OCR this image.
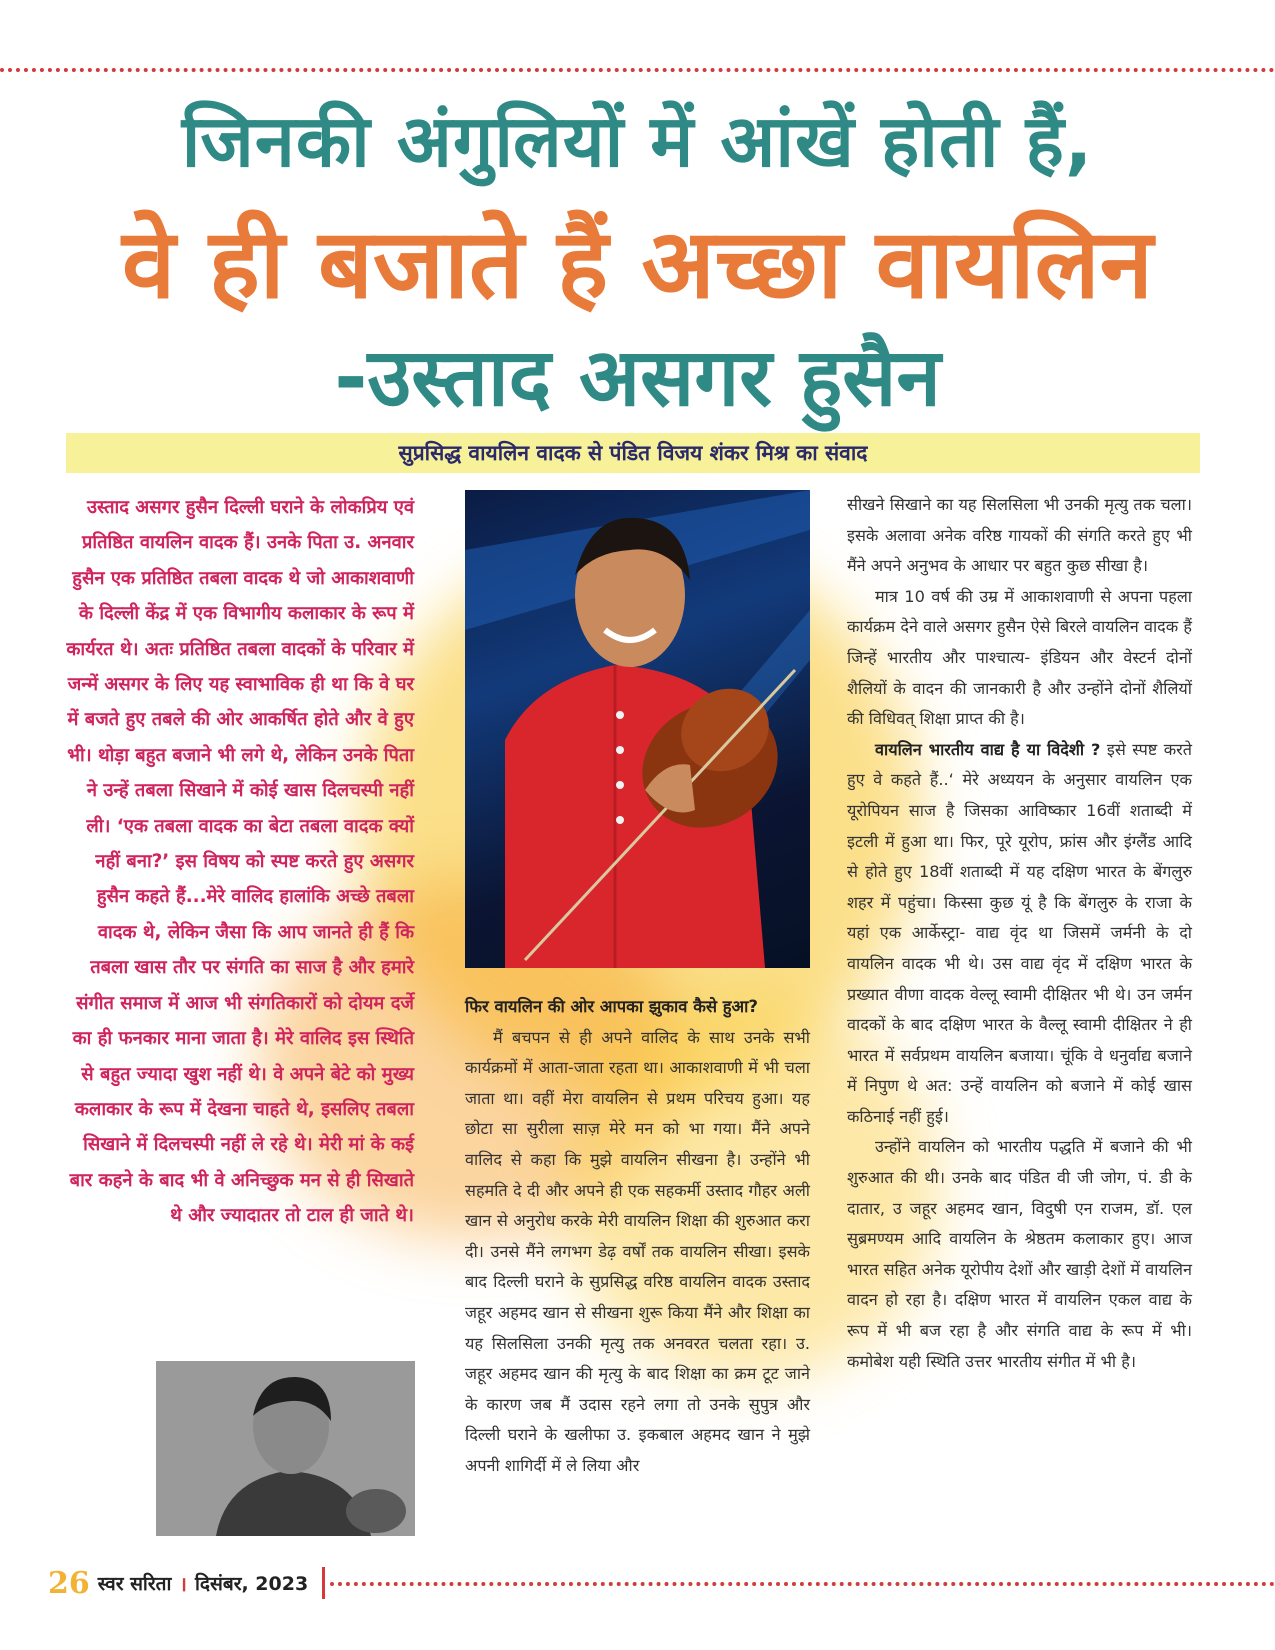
जिनकी अंगुलियों में आंखें होती हैं,
वे ही बजाते हैं अच्छा वायलिन
-उस्ताद असगर हुसैन
सुप्रसिद्ध वायलिन वादक से पंडित विजय शंकर मिश्र का संवाद
उस्ताद असगर हुसैन दिल्ली घराने के लोकप्रिय एवं प्रतिष्ठित वायलिन वादक हैं। उनके पिता उ. अनवार हुसैन एक प्रतिष्ठित तबला वादक थे जो आकाशवाणी के दिल्ली केंद्र में एक विभागीय कलाकार के रूप में कार्यरत थे। अतः प्रतिष्ठित तबला वादकों के परिवार में जन्में असगर के लिए यह स्वाभाविक ही था कि वे घर में बजते हुए तबले की ओर आकर्षित होते और वे हुए भी। थोड़ा बहुत बजाने भी लगे थे, लेकिन उनके पिता ने उन्हें तबला सिखाने में कोई खास दिलचस्पी नहीं ली। ‘एक तबला वादक का बेटा तबला वादक क्यों नहीं बना?’ इस विषय को स्पष्ट करते हुए असगर हुसैन कहते हैं...मेरे वालिद हालांकि अच्छे तबला वादक थे, लेकिन जैसा कि आप जानते ही हैं कि तबला खास तौर पर संगति का साज है और हमारे संगीत समाज में आज भी संगतिकारों को दोयम दर्जे का ही फनकार माना जाता है। मेरे वालिद इस स्थिति से बहुत ज्यादा खुश नहीं थे। वे अपने बेटे को मुख्य कलाकार के रूप में देखना चाहते थे, इसलिए तबला सिखाने में दिलचस्पी नहीं ले रहे थे। मेरी मां के कई बार कहने के बाद भी वे अनिच्छुक मन से ही सिखाते थे और ज्यादातर तो टाल ही जाते थे।

फिर वायलिन की ओर आपका झुकाव कैसे हुआ?

मैं बचपन से ही अपने वालिद के साथ उनके सभी कार्यक्रमों में आता-जाता रहता था। आकाशवाणी में भी चला जाता था। वहीं मेरा वायलिन से प्रथम परिचय हुआ। यह छोटा सा सुरीला साज़ मेरे मन को भा गया। मैंने अपने वालिद से कहा कि मुझे वायलिन सीखना है। उन्होंने भी सहमति दे दी और अपने ही एक सहकर्मी उस्ताद गौहर अली खान से अनुरोध करके मेरी वायलिन शिक्षा की शुरुआत करा दी। उनसे मैंने लगभग डेढ़ वर्षों तक वायलिन सीखा। इसके बाद दिल्ली घराने के सुप्रसिद्ध वरिष्ठ वायलिन वादक उस्ताद जहूर अहमद खान से सीखना शुरू किया मैंने और शिक्षा का यह सिलसिला उनकी मृत्यु तक अनवरत चलता रहा। उ. जहूर अहमद खान की मृत्यु के बाद शिक्षा का क्रम टूट जाने के कारण जब मैं उदास रहने लगा तो उनके सुपुत्र और दिल्ली घराने के खलीफा उ. इकबाल अहमद खान ने मुझे अपनी शागिर्दी में ले लिया और

सीखने सिखाने का यह सिलसिला भी उनकी मृत्यु तक चला। इसके अलावा अनेक वरिष्ठ गायकों की संगति करते हुए भी मैंने अपने अनुभव के आधार पर बहुत कुछ सीखा है।

मात्र 10 वर्ष की उम्र में आकाशवाणी से अपना पहला कार्यक्रम देने वाले असगर हुसैन ऐसे बिरले वायलिन वादक हैं जिन्हें भारतीय और पाश्चात्य- इंडियन और वेस्टर्न दोनों शैलियों के वादन की जानकारी है और उन्होंने दोनों शैलियों की विधिवत् शिक्षा प्राप्त की है।

वायलिन भारतीय वाद्य है या विदेशी ? इसे स्पष्ट करते हुए वे कहते हैं..‘ मेरे अध्ययन के अनुसार वायलिन एक यूरोपियन साज है जिसका आविष्कार 16वीं शताब्दी में इटली में हुआ था। फिर, पूरे यूरोप, फ्रांस और इंग्लैंड आदि से होते हुए 18वीं शताब्दी में यह दक्षिण भारत के बेंगलुरु शहर में पहुंचा। किस्सा कुछ यूं है कि बेंगलुरु के राजा के यहां एक आर्केस्ट्रा- वाद्य वृंद था जिसमें जर्मनी के दो वायलिन वादक भी थे। उस वाद्य वृंद में दक्षिण भारत के प्रख्यात वीणा वादक वेल्लू स्वामी दीक्षितर भी थे। उन जर्मन वादकों के बाद दक्षिण भारत के वैल्लू स्वामी दीक्षितर ने ही भारत में सर्वप्रथम वायलिन बजाया। चूंकि वे धनुर्वाद्य बजाने में निपुण थे अत: उन्हें वायलिन को बजाने में कोई खास कठिनाई नहीं हुई।

उन्होंने वायलिन को भारतीय पद्धति में बजाने की भी शुरुआत की थी। उनके बाद पंडित वी जी जोग, पं. डी के दातार, उ जहूर अहमद खान, विदुषी एन राजम, डॉ. एल सुब्रमण्यम आदि वायलिन के श्रेष्ठतम कलाकार हुए। आज भारत सहित अनेक यूरोपीय देशों और खाड़ी देशों में वायलिन वादन हो रहा है। दक्षिण भारत में वायलिन एकल वाद्य के रूप में भी बज रहा है और संगति वाद्य के रूप में भी। कमोबेश यही स्थिति उत्तर भारतीय संगीत में भी है।

26 स्वर सरिता । दिसंबर, 2023
